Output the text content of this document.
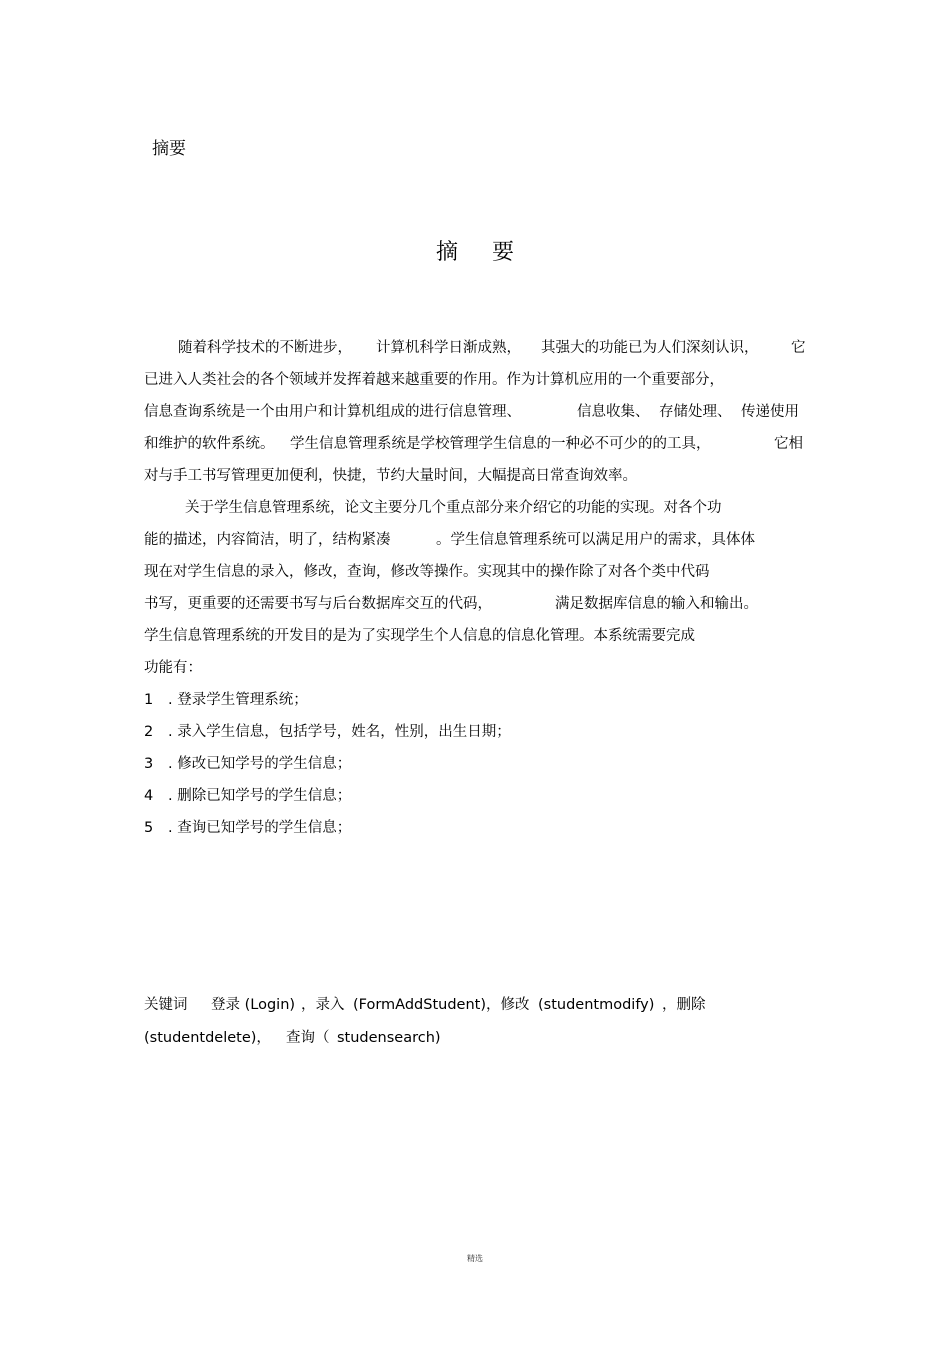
摘要
摘 要
随着科学技术的不断进步， 计算机科学日渐成熟， 其强大的功能已为人们深刻认识， 它
已进入人类社会的各个领域并发挥着越来越重要的作用。作为计算机应用的一个重要部分，
信息查询系统是一个由用户和计算机组成的进行信息管理、	信息收集、 存储处理、 传递使用
和维护的软件系统。 学生信息管理系统是学校管理学生信息的一种必不可少的的工具，	它相
对与手工书写管理更加便利，快捷，节约大量时间，大幅提高日常查询效率。
关于学生信息管理系统，论文主要分几个重点部分来介绍它的功能的实现。对各个功
能的描述，内容简洁，明了，结构紧凑	。学生信息管理系统可以满足用户的需求，具体体
现在对学生信息的录入，修改，查询，修改等操作。实现其中的操作除了对各个类中代码
书写，更重要的还需要书写与后台数据库交互的代码，	满足数据库信息的输入和输出。
学生信息管理系统的开发目的是为了实现学生个人信息的信息化管理。本系统需要完成
功能有：
1 . 登录学生管理系统；
2 . 录入学生信息，包括学号，姓名，性别，出生日期；
3 . 修改已知学号的学生信息；
4 . 删除已知学号的学生信息；
5 . 查询已知学号的学生信息；
关键词 登录 (Login) ，录入 (FormAddStudent) ，修改 (studentmodify) ，删除
(studentdelete)， 查询（ studensearch)
精选
